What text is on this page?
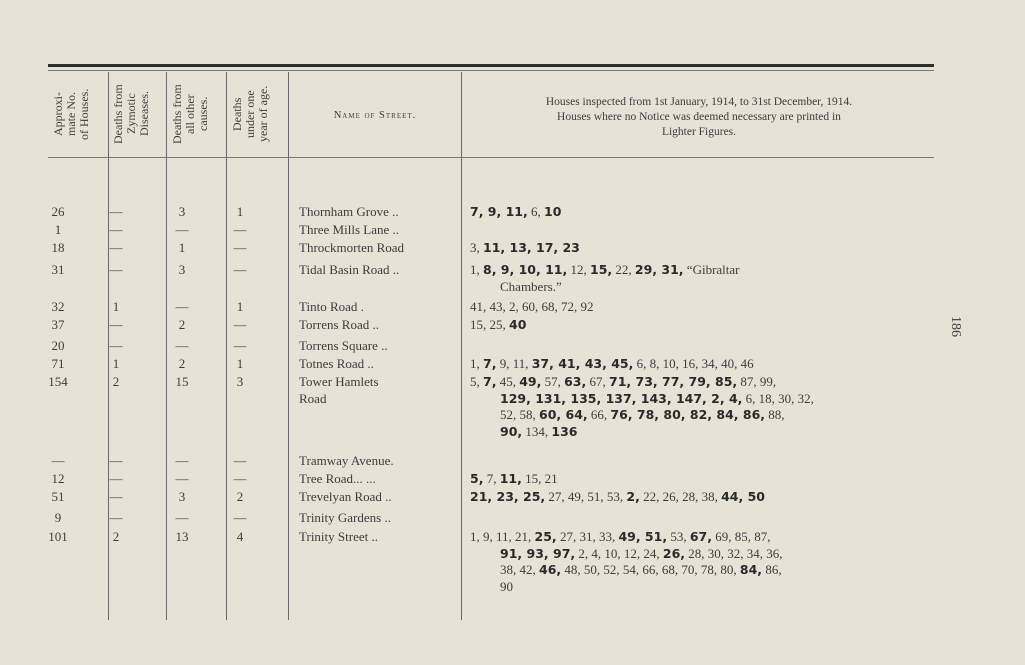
Approxi-
mate No.
of Houses.
Deaths from
Zymotic
Diseases.	Deaths from
all other
causes.	Deaths
under one
year of age.
Name of Street.
Houses inspected from 1st January, 1914, to 31st December, 1914.
Houses where no Notice was deemed necessary are printed in
Lighter Figures.
26	—	3	1	Thornham Grove ..	7, 9, 11, 6, 10
1	—	—	—	Three Mills Lane ..
18	—	1	—	Throckmorten Road	3, 11, 13, 17, 23
31	—	3	—	Tidal Basin Road ..	1, 8, 9, 10, 11, 12, 15, 22, 29, 31, “Gibraltar
Chambers.”
32	1	—	1	Tinto Road .	41, 43, 2, 60, 68, 72, 92
37	—	2	—	Torrens Road ..	15, 25, 40
20	—	—	—	Torrens Square ..
71	1	2	1	Totnes Road ..	1, 7, 9, 11, 37, 41, 43, 45, 6, 8, 10, 16, 34, 40, 46
154	2	15	3	Tower Hamlets
Road
5, 7, 45, 49, 57, 63, 67, 71, 73, 77, 79, 85, 87, 99,
129, 131, 135, 137, 143, 147, 2, 4, 6, 18, 30, 32,
52, 58, 60, 64, 66, 76, 78, 80, 82, 84, 86, 88,
90, 134, 136
—	—	—	—	Tramway Avenue.
12	—	—	—	Tree Road... ...	5, 7, 11, 15, 21
51	—	3	2	Trevelyan Road ..	21, 23, 25, 27, 49, 51, 53, 2, 22, 26, 28, 38, 44, 50
9	—	—	—	Trinity Gardens ..
101	2	13	4	Trinity Street ..	1, 9, 11, 21, 25, 27, 31, 33, 49, 51, 53, 67, 69, 85, 87,
91, 93, 97, 2, 4, 10, 12, 24, 26, 28, 30, 32, 34, 36,
38, 42, 46, 48, 50, 52, 54, 66, 68, 70, 78, 80, 84, 86,
90
186
